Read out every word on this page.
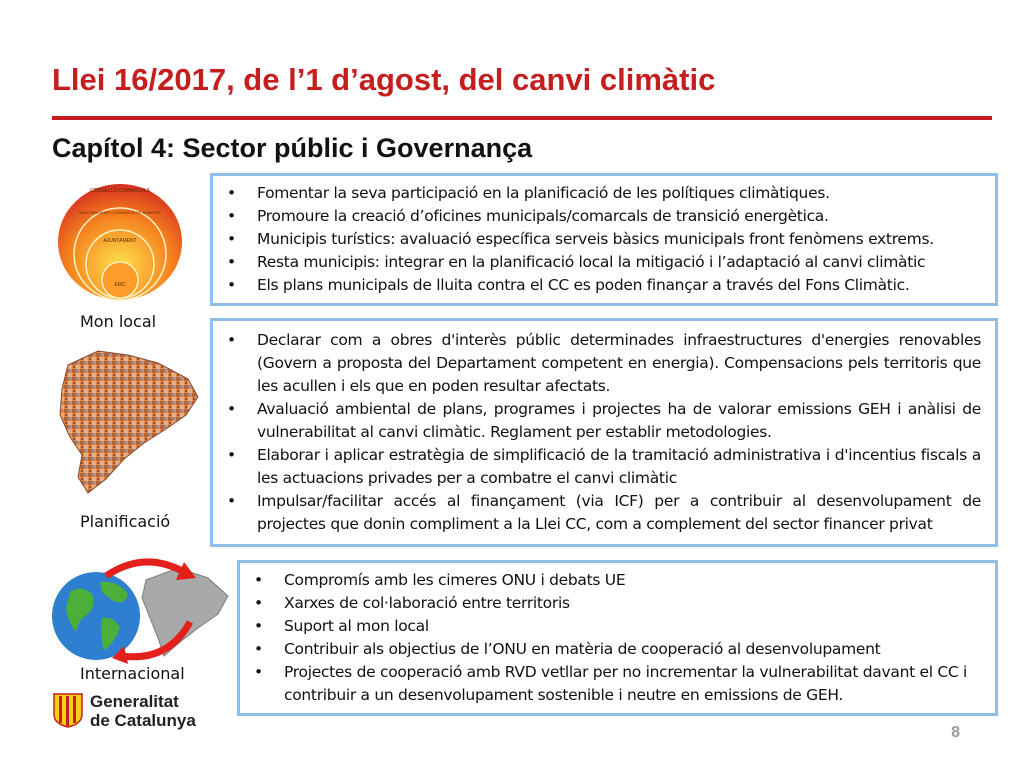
Llei 16/2017, de l’1 d’agost, del canvi climàtic
Capítol 4: Sector públic i Governança
CONSELLS COMARCALS
MANCOMUNITATS I CONSORCIS DE MUNICIPIS
AJUNTAMENT
EMC
Mon local
• Fomentar la seva participació en la planificació de les polítiques climàtiques.
• Promoure la creació d’oficines municipals/comarcals de transició energètica.
• Municipis turístics: avaluació específica serveis bàsics municipals front fenòmens extrems.
• Resta municipis: integrar en la planificació local la mitigació i l’adaptació al canvi climàtic
• Els plans municipals de lluita contra el CC es poden finançar a través del Fons Climàtic.
Planificació
• Declarar com a obres d'interès públic determinades infraestructures d'energies renovables (Govern a proposta del Departament competent en energia). Compensacions pels territoris que les acullen i els que en poden resultar afectats.
• Avaluació ambiental de plans, programes i projectes ha de valorar emissions GEH i anàlisi de vulnerabilitat al canvi climàtic. Reglament per establir metodologies.
• Elaborar i aplicar estratègia de simplificació de la tramitació administrativa i d'incentius fiscals a les actuacions privades per a combatre el canvi climàtic
• Impulsar/facilitar accés al finançament (via ICF) per a contribuir al desenvolupament de projectes que donin compliment a la Llei CC, com a complement del sector financer privat
Internacional
• Compromís amb les cimeres ONU i debats UE
• Xarxes de col·laboració entre territoris
• Suport al mon local
• Contribuir als objectius de l’ONU en matèria de cooperació al desenvolupament
• Projectes de cooperació amb RVD vetllar per no incrementar la vulnerabilitat davant el CC i contribuir a un desenvolupament sostenible i neutre en emissions de GEH.
Generalitat
de Catalunya
8
